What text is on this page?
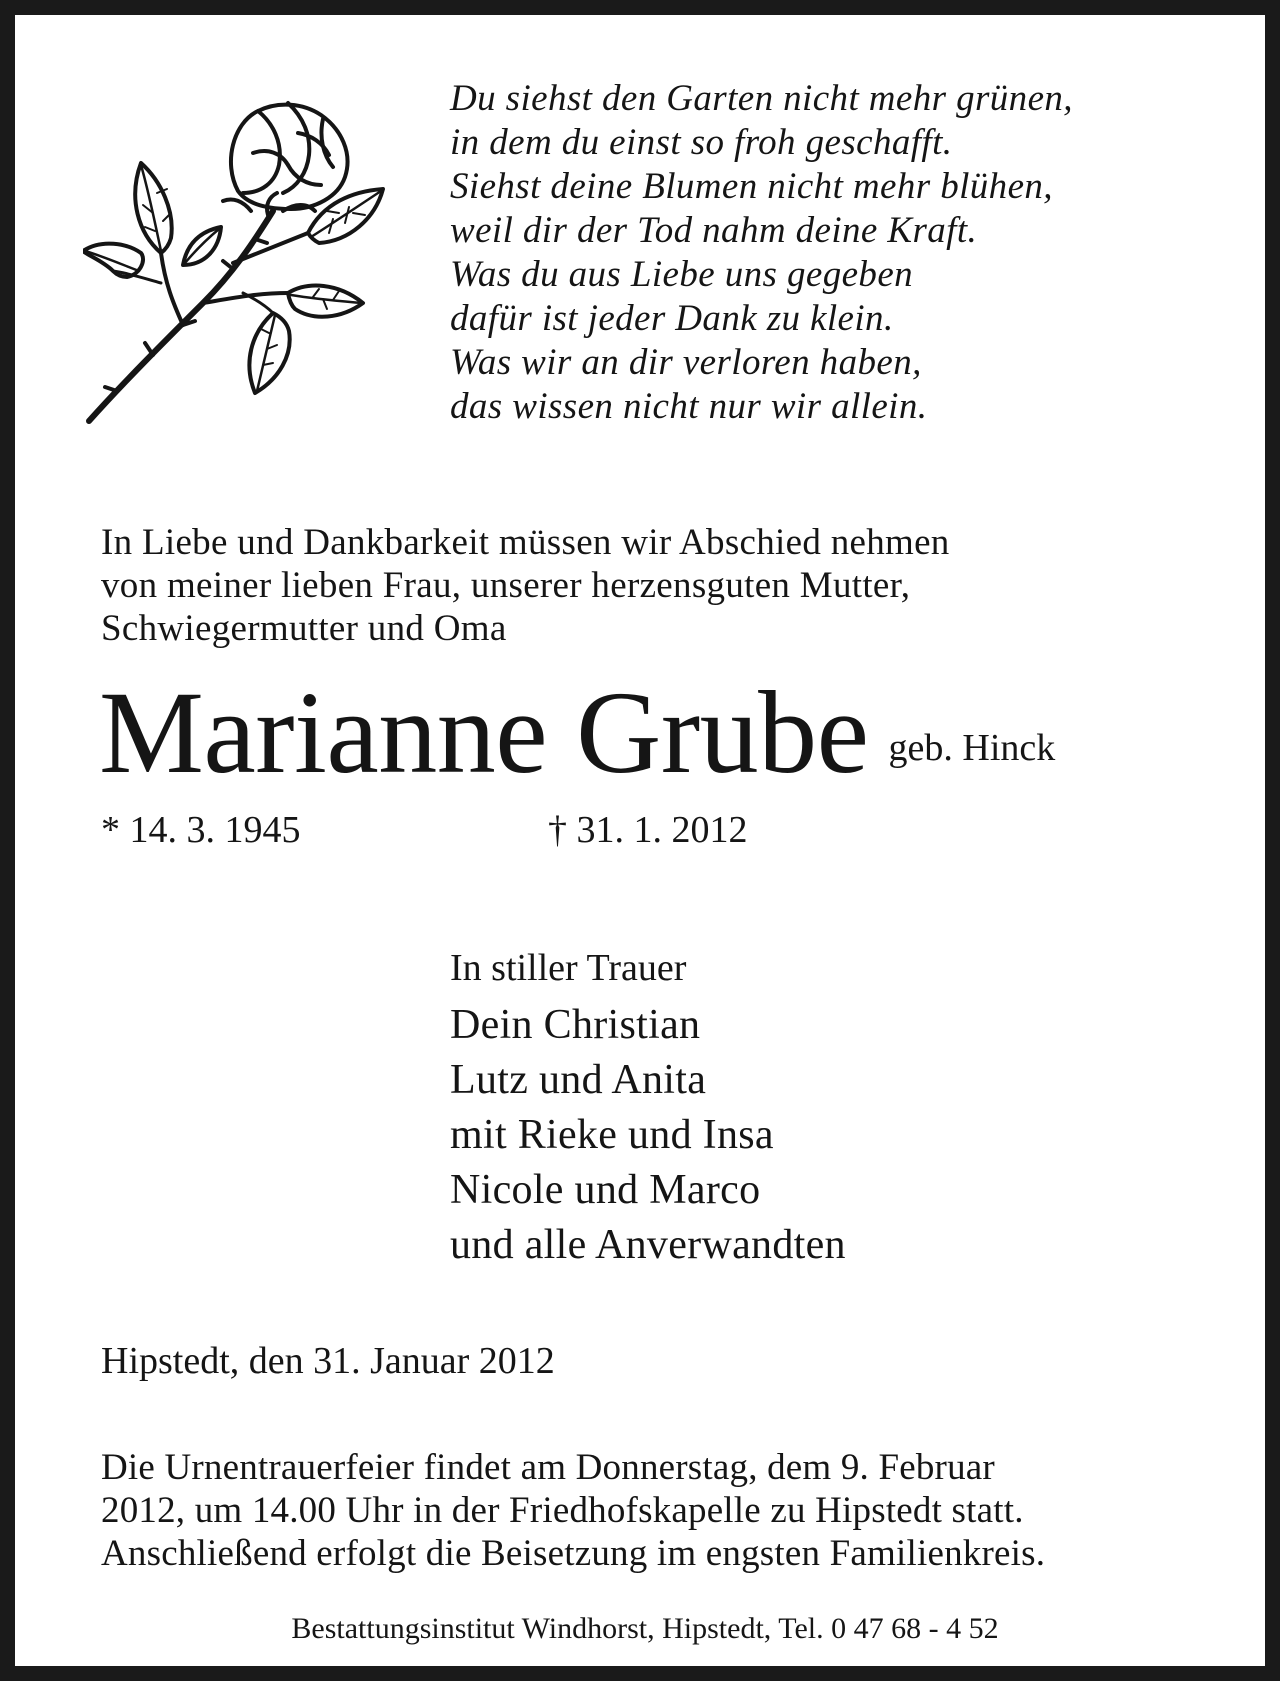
Du siehst den Garten nicht mehr grünen,
in dem du einst so froh geschafft.
Siehst deine Blumen nicht mehr blühen,
weil dir der Tod nahm deine Kraft.
Was du aus Liebe uns gegeben
dafür ist jeder Dank zu klein.
Was wir an dir verloren haben,
das wissen nicht nur wir allein.
In Liebe und Dankbarkeit müssen wir Abschied nehmen
von meiner lieben Frau, unserer herzensguten Mutter,
Schwiegermutter und Oma
Marianne Grube geb. Hinck
* 14. 3. 1945	† 31. 1. 2012
In stiller Trauer
Dein Christian
Lutz und Anita
mit Rieke und Insa
Nicole und Marco
und alle Anverwandten
Hipstedt, den 31. Januar 2012
Die Urnentrauerfeier findet am Donnerstag, dem 9. Februar
2012, um 14.00 Uhr in der Friedhofskapelle zu Hipstedt statt.
Anschließend erfolgt die Beisetzung im engsten Familienkreis.
Bestattungsinstitut Windhorst, Hipstedt, Tel. 0 47 68 - 4 52
